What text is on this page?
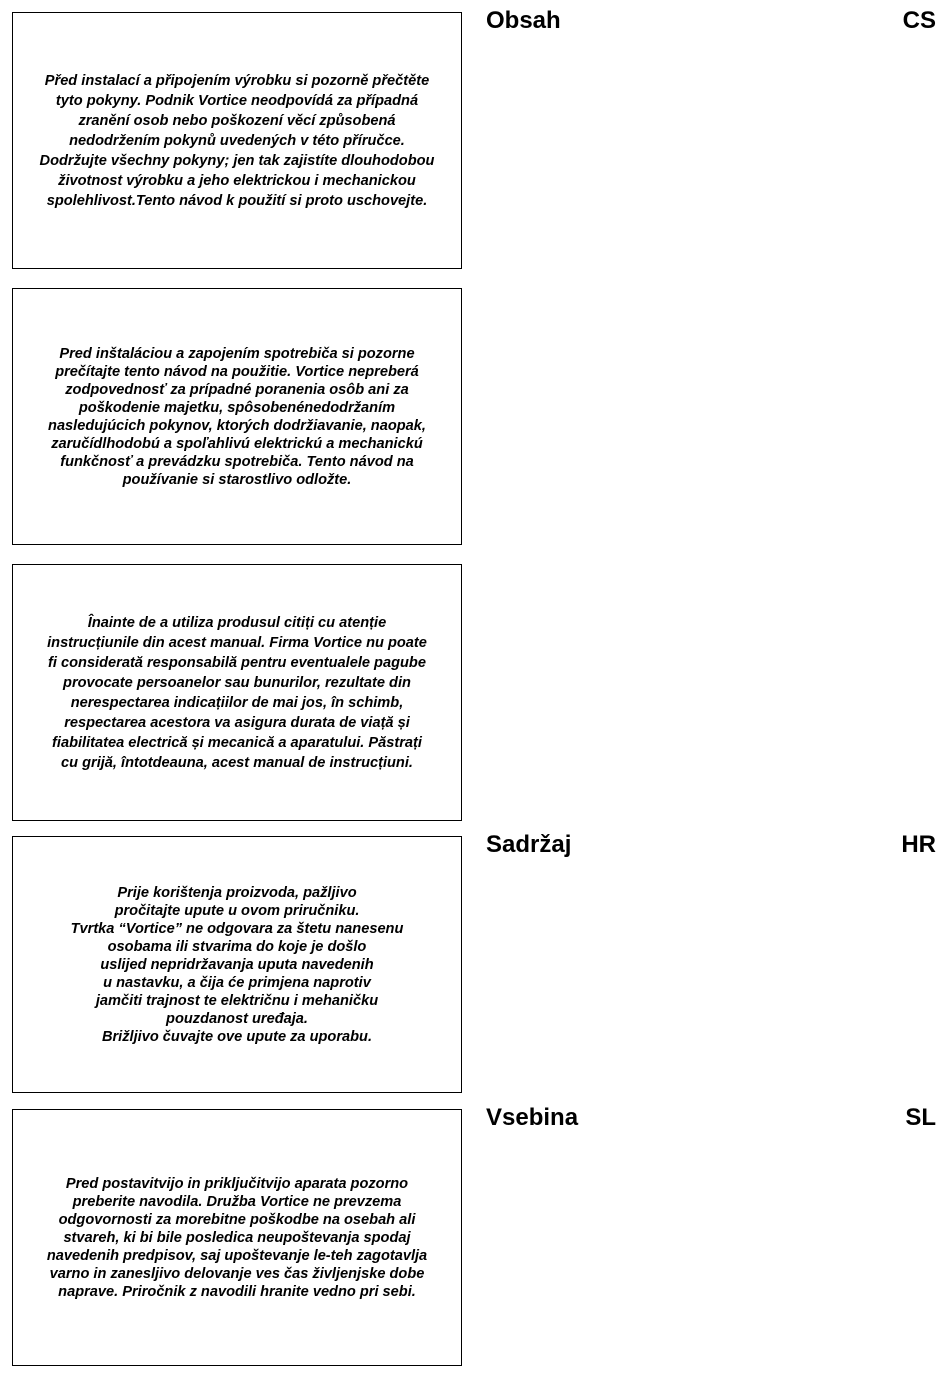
Před instalací a připojením výrobku si pozorně přečtěte
tyto pokyny. Podnik Vortice neodpovídá za případná
zranění osob nebo poškození věcí způsobená
nedodržením pokynů uvedených v této příručce.
Dodržujte všechny pokyny; jen tak zajistíte dlouhodobou
životnost výrobku a jeho elektrickou i mechanickou
spolehlivost.Tento návod k použití si proto uschovejte.

Obsah	CS

Pred inštaláciou a zapojením spotrebiča si pozorne
prečítajte tento návod na použitie. Vortice nepreberá
zodpovednosť za prípadné poranenia osôb ani za
poškodenie majetku, spôsobenénedodržaním
nasledujúcich pokynov, ktorých dodržiavanie, naopak,
zaručídlhodobú a spoľahlivú elektrickú a mechanickú
funkčnosť a prevádzku spotrebiča. Tento návod na
používanie si starostlivo odložte.

Înainte de a utiliza produsul citiți cu atenție
instrucțiunile din acest manual. Firma Vortice nu poate
fi considerată responsabilă pentru eventualele pagube
provocate persoanelor sau bunurilor, rezultate din
nerespectarea indicațiilor de mai jos, în schimb,
respectarea acestora va asigura durata de viață și
fiabilitatea electrică și mecanică a aparatului. Păstrați
cu grijă, întotdeauna, acest manual de instrucțiuni.

Prije korištenja proizvoda, pažljivo
pročitajte upute u ovom priručniku.
Tvrtka “Vortice” ne odgovara za štetu nanesenu
osobama ili stvarima do koje je došlo
uslijed nepridržavanja uputa navedenih
u nastavku, a čija će primjena naprotiv
jamčiti trajnost te električnu i mehaničku
pouzdanost uređaja.
Brižljivo čuvajte ove upute za uporabu.

Sadržaj	HR

Pred postavitvijo in priključitvijo aparata pozorno
preberite navodila. Družba Vortice ne prevzema
odgovornosti za morebitne poškodbe na osebah ali
stvareh, ki bi bile posledica neupoštevanja spodaj
navedenih predpisov, saj upoštevanje le-teh zagotavlja
varno in zanesljivo delovanje ves čas življenjske dobe
naprave. Priročnik z navodili hranite vedno pri sebi.

Vsebina	SL
